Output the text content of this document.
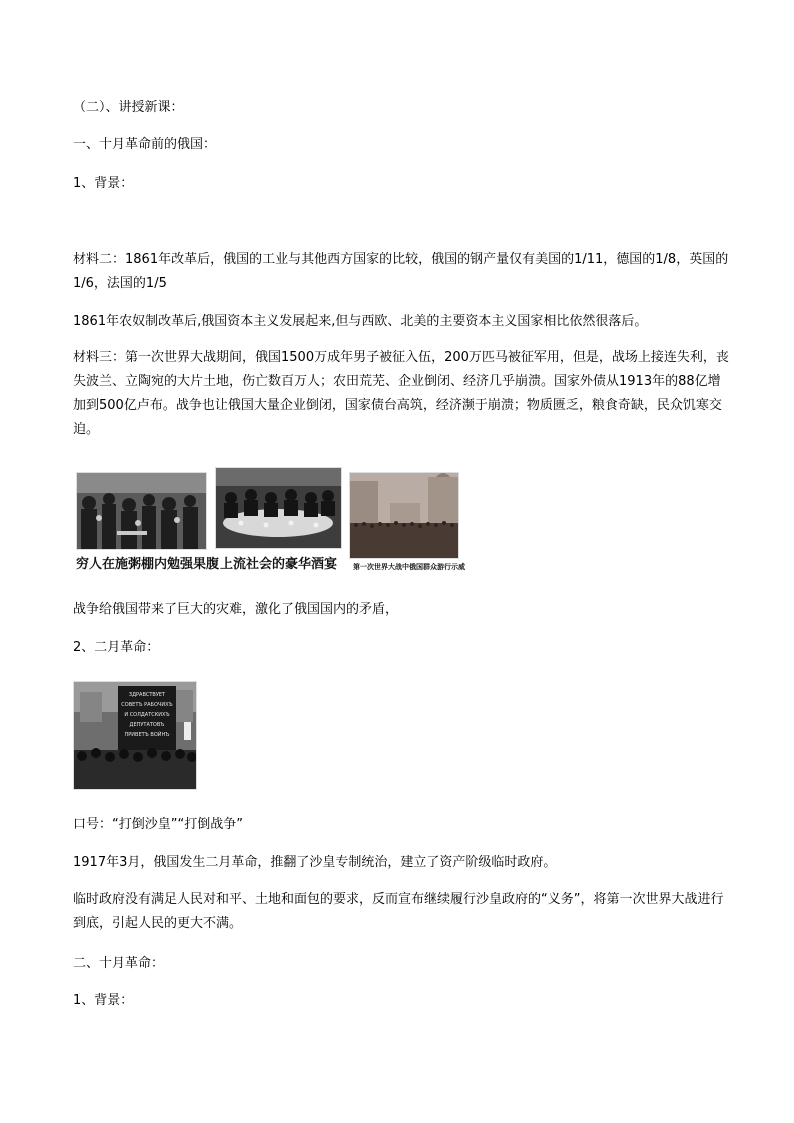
（二）、讲授新课：
一、十月革命前的俄国：
1、背景：
材料二：1861年改革后，俄国的工业与其他西方国家的比较，俄国的钢产量仅有美国的1/11，德国的1/8，英国的1/6，法国的1/5
1861年农奴制改革后,俄国资本主义发展起来,但与西欧、北美的主要资本主义国家相比依然很落后。
材料三：第一次世界大战期间，俄国1500万成年男子被征入伍，200万匹马被征军用，但是，战场上接连失利，丧失波兰、立陶宛的大片土地，伤亡数百万人；农田荒芜、企业倒闭、经济几乎崩溃。国家外债从1913年的88亿增加到500亿卢布。战争也让俄国大量企业倒闭，国家债台高筑，经济濒于崩溃；物质匮乏，粮食奇缺，民众饥寒交迫。
穷人在施粥棚内勉强果腹 上流社会的豪华酒宴 第一次世界大战中俄国群众游行示威
战争给俄国带来了巨大的灾难，激化了俄国国内的矛盾，
2、二月革命：
ЗДРАВСТВУЕТ
СОВЕТЪ РАБОЧИХЪ
И СОЛДАТСКИХЪ
ДЕПУТАТОВЪ
ПРИВЕТЪ ВОЙНЪ
口号：“打倒沙皇”“打倒战争”
1917年3月，俄国发生二月革命，推翻了沙皇专制统治，建立了资产阶级临时政府。
临时政府没有满足人民对和平、土地和面包的要求，反而宣布继续履行沙皇政府的“义务”，将第一次世界大战进行到底，引起人民的更大不满。
二、十月革命：
1、背景：
